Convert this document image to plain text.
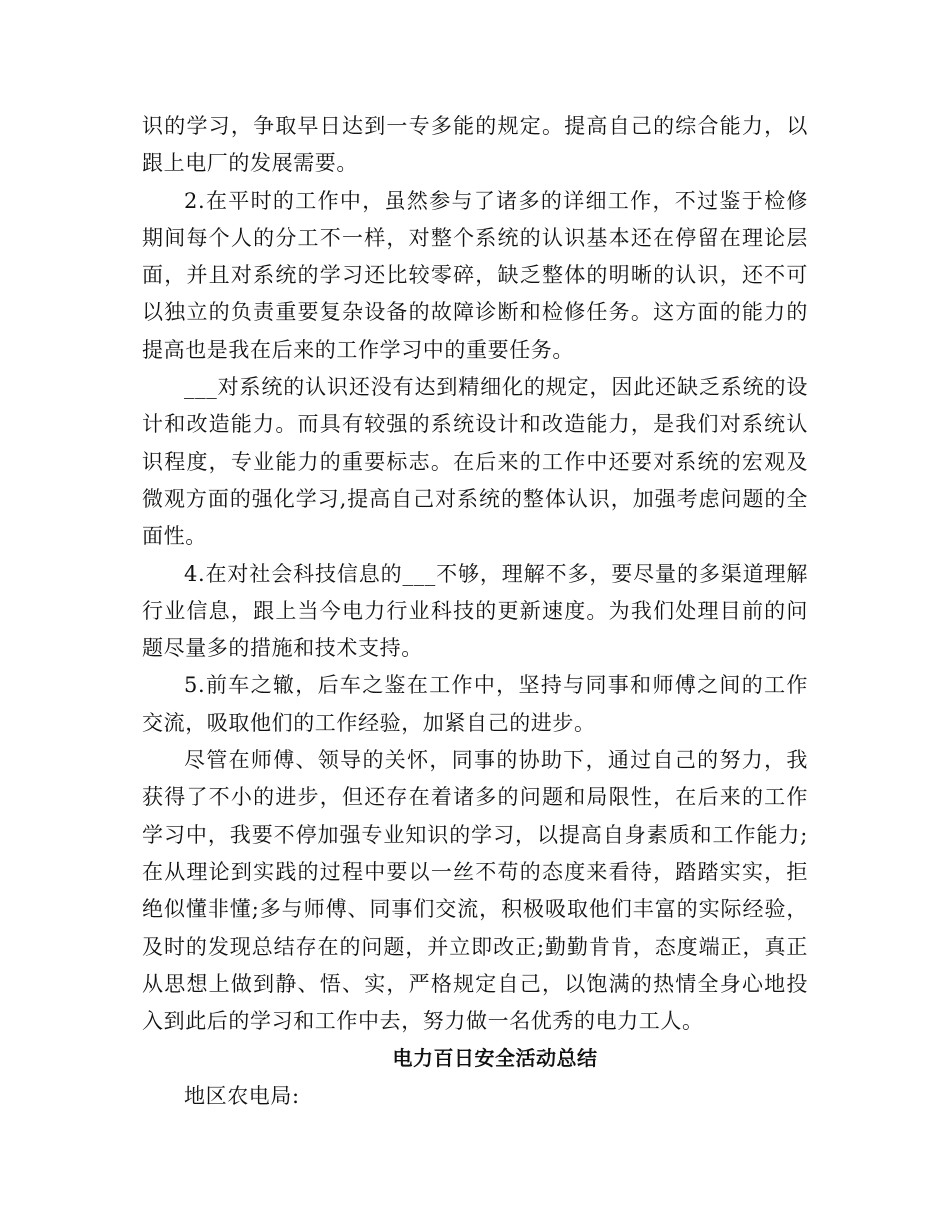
识的学习，争取早日达到一专多能的规定。提高自己的综合能力，以跟上电厂的发展需要。

2.在平时的工作中，虽然参与了诸多的详细工作，不过鉴于检修期间每个人的分工不一样，对整个系统的认识基本还在停留在理论层面，并且对系统的学习还比较零碎，缺乏整体的明晰的认识，还不可以独立的负责重要复杂设备的故障诊断和检修任务。这方面的能力的提高也是我在后来的工作学习中的重要任务。

___对系统的认识还没有达到精细化的规定，因此还缺乏系统的设计和改造能力。而具有较强的系统设计和改造能力，是我们对系统认识程度，专业能力的重要标志。在后来的工作中还要对系统的宏观及微观方面的强化学习,提高自己对系统的整体认识，加强考虑问题的全面性。

4.在对社会科技信息的___不够，理解不多，要尽量的多渠道理解行业信息，跟上当今电力行业科技的更新速度。为我们处理目前的问题尽量多的措施和技术支持。

5.前车之辙，后车之鉴在工作中，坚持与同事和师傅之间的工作交流，吸取他们的工作经验，加紧自己的进步。

尽管在师傅、领导的关怀，同事的协助下，通过自己的努力，我获得了不小的进步，但还存在着诸多的问题和局限性，在后来的工作学习中，我要不停加强专业知识的学习，以提高自身素质和工作能力;在从理论到实践的过程中要以一丝不苟的态度来看待，踏踏实实，拒绝似懂非懂;多与师傅、同事们交流，积极吸取他们丰富的实际经验，及时的发现总结存在的问题，并立即改正;勤勤肯肯，态度端正，真正从思想上做到静、悟、实，严格规定自己，以饱满的热情全身心地投入到此后的学习和工作中去，努力做一名优秀的电力工人。

电力百日安全活动总结

地区农电局:
